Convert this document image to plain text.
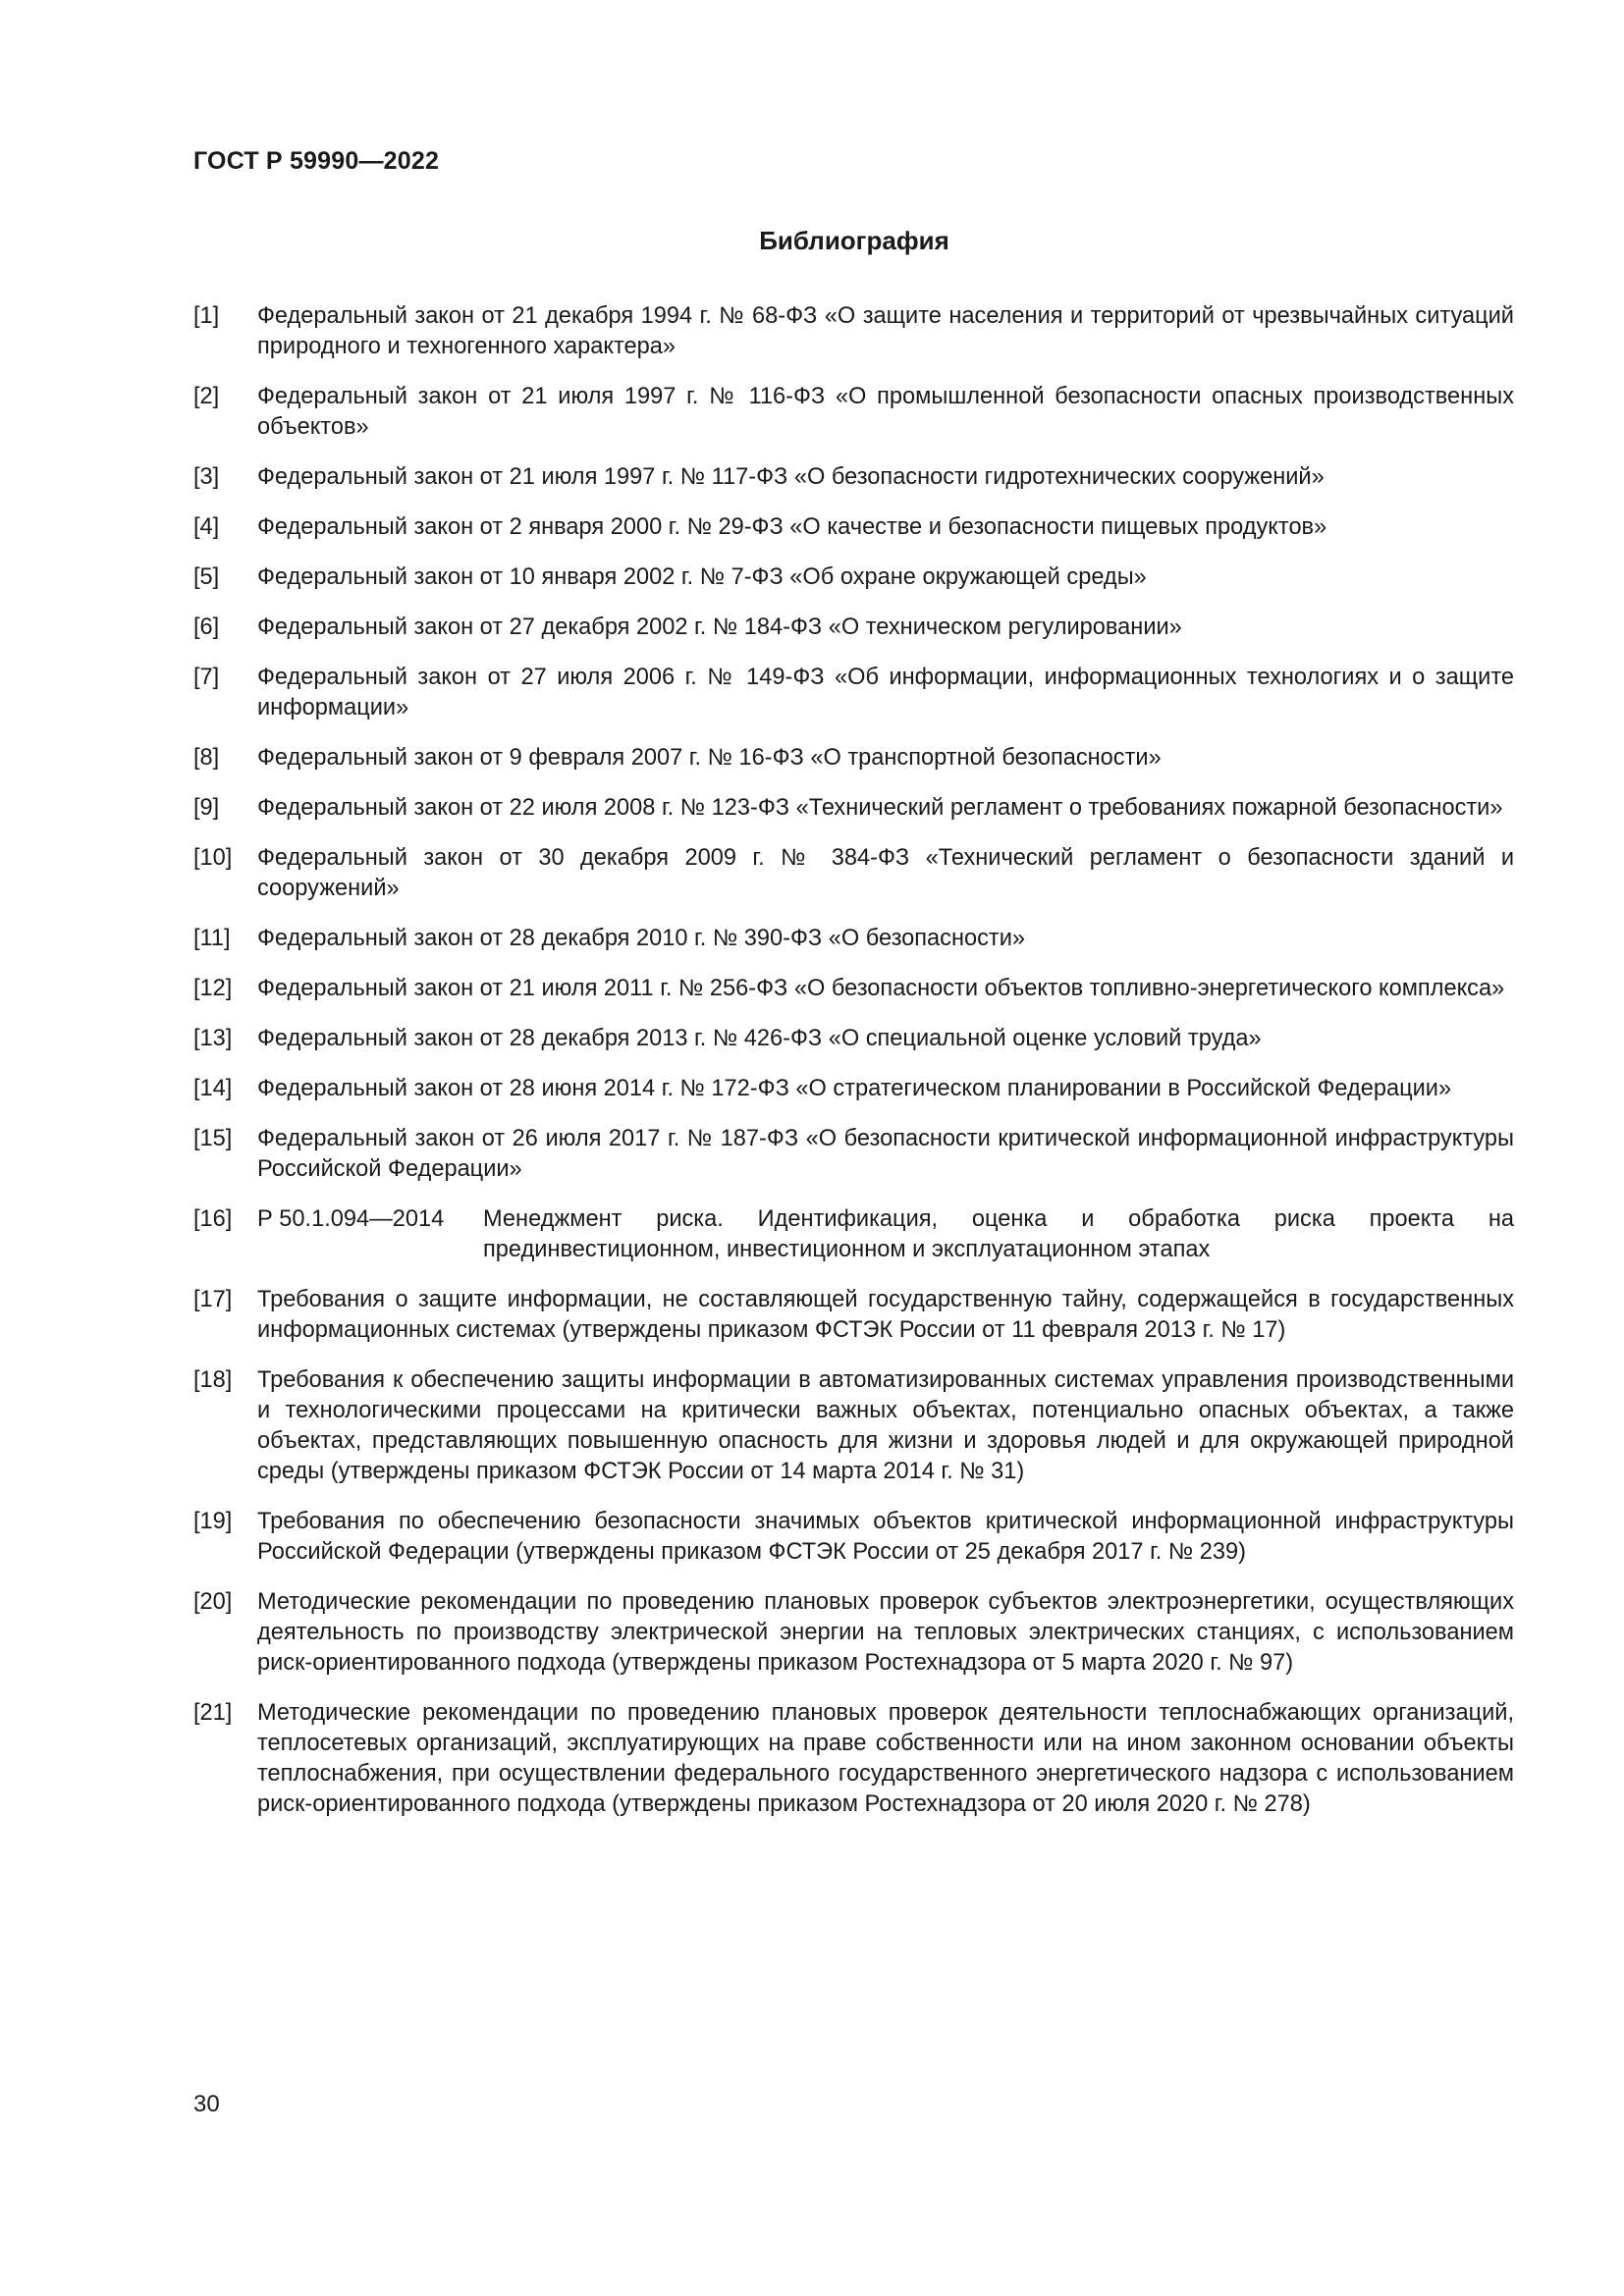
ГОСТ Р 59990—2022
Библиография
[1]	Федеральный закон от 21 декабря 1994 г. № 68-ФЗ «О защите населения и территорий от чрезвычайных ситуаций природного и техногенного характера»
[2]	Федеральный закон от 21 июля 1997 г. № 116-ФЗ «О промышленной безопасности опасных производственных объектов»
[3]	Федеральный закон от 21 июля 1997 г. № 117-ФЗ «О безопасности гидротехнических сооружений»
[4]	Федеральный закон от 2 января 2000 г. № 29-ФЗ «О качестве и безопасности пищевых продуктов»
[5]	Федеральный закон от 10 января 2002 г. № 7-ФЗ «Об охране окружающей среды»
[6]	Федеральный закон от 27 декабря 2002 г. № 184-ФЗ «О техническом регулировании»
[7]	Федеральный закон от 27 июля 2006 г. № 149-ФЗ «Об информации, информационных технологиях и о защите информации»
[8]	Федеральный закон от 9 февраля 2007 г. № 16-ФЗ «О транспортной безопасности»
[9]	Федеральный закон от 22 июля 2008 г. № 123-ФЗ «Технический регламент о требованиях пожарной безопасности»
[10]	Федеральный закон от 30 декабря 2009 г. № 384-ФЗ «Технический регламент о безопасности зданий и сооружений»
[11]	Федеральный закон от 28 декабря 2010 г. № 390-ФЗ «О безопасности»
[12]	Федеральный закон от 21 июля 2011 г. № 256-ФЗ «О безопасности объектов топливно-энергетического комплекса»
[13]	Федеральный закон от 28 декабря 2013 г. № 426-ФЗ «О специальной оценке условий труда»
[14]	Федеральный закон от 28 июня 2014 г. № 172-ФЗ «О стратегическом планировании в Российской Федерации»
[15]	Федеральный закон от 26 июля 2017 г. № 187-ФЗ «О безопасности критической информационной инфраструктуры Российской Федерации»
[16]	Р 50.1.094—2014	Менеджмент риска. Идентификация, оценка и обработка риска проекта на прединвестиционном, инвестиционном и эксплуатационном этапах
[17]	Требования о защите информации, не составляющей государственную тайну, содержащейся в государственных информационных системах (утверждены приказом ФСТЭК России от 11 февраля 2013 г. № 17)
[18]	Требования к обеспечению защиты информации в автоматизированных системах управления производственными и технологическими процессами на критически важных объектах, потенциально опасных объектах, а также объектах, представляющих повышенную опасность для жизни и здоровья людей и для окружающей природной среды (утверждены приказом ФСТЭК России от 14 марта 2014 г. № 31)
[19]	Требования по обеспечению безопасности значимых объектов критической информационной инфраструктуры Российской Федерации (утверждены приказом ФСТЭК России от 25 декабря 2017 г. № 239)
[20]	Методические рекомендации по проведению плановых проверок субъектов электроэнергетики, осуществляющих деятельность по производству электрической энергии на тепловых электрических станциях, с использованием риск-ориентированного подхода (утверждены приказом Ростехнадзора от 5 марта 2020 г. № 97)
[21]	Методические рекомендации по проведению плановых проверок деятельности теплоснабжающих организаций, теплосетевых организаций, эксплуатирующих на праве собственности или на ином законном основании объекты теплоснабжения, при осуществлении федерального государственного энергетического надзора с использованием риск-ориентированного подхода (утверждены приказом Ростехнадзора от 20 июля 2020 г. № 278)
30
